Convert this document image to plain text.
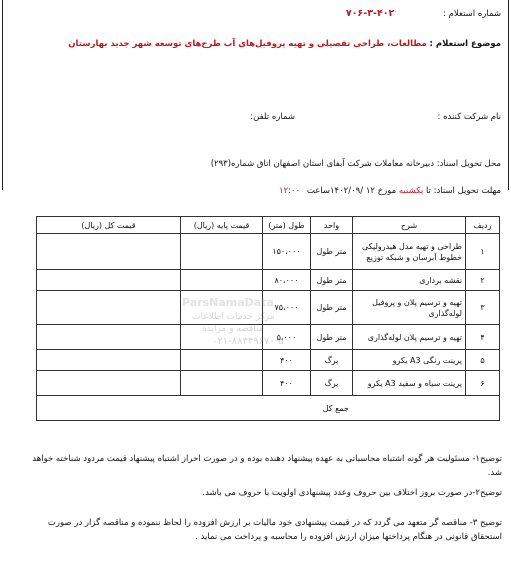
شماره استعلام : ۴۰۲-۳-۷۰۶
موضوع استعلام : مطالعات، طراحی تفصیلی و تهیه پروفیل‌های آب طرح‌های توسعه شهر جدید بهارستان
نام شرکت کننده :
شماره تلفن:
محل تحویل اسناد: دبیرخانه معاملات شرکت آبفای استان اصفهان اتاق شماره(۲۹۳)
مهلت تحویل اسناد: تا یکشنبه مورخ ۱۲ /۱۴۰۲/۰۹ساعت ۱۲:۰۰
ردیف	شرح	واحد	طول (متر)	قیمت پایه (ریال)	قیمت کل (ریال)
۱	طراحی و تهیه مدل هیدرولیکی خطوط آبرسان و شبکه توزیع	متر طول	۱۵۰،۰۰۰		
۲	نقشه برداری	متر طول	۸۰،۰۰۰		
۳	تهیه و ترسیم پلان و پروفیل لوله‌گذاری	متر طول	۷۵،۰۰۰		
۴	تهیه و ترسیم پلان لوله‌گذاری	متر طول	۵،۰۰۰		
۵	پرینت رنگی A3 یکرو	برگ	۴۰۰		
۶	پرینت سیاه و سفید A3 یکرو	برگ	۴۰۰		
جمع کل					
ParsNamaData
مرکز خدمات اطلاعات
مناقصه و مزایده
۰۲۱-۸۸۳۴۹۶۷۰-۵
توضیح۱- مسئولیت هر گونه اشتباه محاسباتی به عهده پیشنهاد دهنده بوده و در صورت احراز اشتباه پیشنهاد قیمت مردود شناخته خواهد شد.
توضیح۲-در صورت بروز اختلاف بین حروف وعدد پیشنهادی اولویت با حروف می باشد.
توضیح ۳- مناقصه گر متعهد می گردد که در قیمت پیشنهادی خود مالیات بر ارزش افزوده را لحاظ ننموده و مناقصه گزار در صورت استحقاق قانونی در هنگام پرداختها میزان ارزش افزوده را محاسبه و پرداخت می نماید .
